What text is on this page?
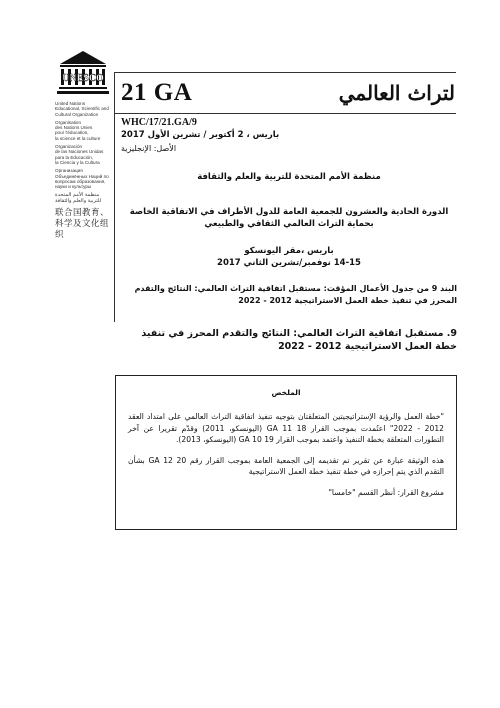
UNESCO
United Nations
Educational, Scientific and
Cultural Organization
Organisation
des Nations Unies
pour l'éducation,
la science et la culture
Organización
de las Naciones Unidas
para la Educación,
la Ciencia y la Cultura
Организация
Объединённых Наций по
вопросам образования,
науки и культуры
منظمة الأمم المتحدة
للتربية والعلم والثقافة
联合国教育、
科学及文化组织
21 GA	لتراث العالمي
WHC/17/21.GA/9
باريس ، 2 أكتوبر / تشرين الأول 2017
الأصل: الإنجليزية
منظمة الأمم المتحدة للتربية والعلم والثقافة
الدورة الحادية والعشرون للجمعية العامة للدول الأطراف في الاتفاقية الخاصة بحماية التراث العالمي الثقافي والطبيعي
باريس ،مقر اليونسكو
14-15 نوفمبر/تشرين الثاني 2017
البند 9 من جدول الأعمال المؤقت: مستقبل اتفاقية التراث العالمي: النتائج والتقدم المحرز في تنفيذ خطة العمل الاستراتيجية 2012 - 2022
9. مستقبل اتفاقية التراث العالمي: النتائج والتقدم المحرز في تنفيذ خطة العمل الاستراتيجية 2012 - 2022
الملخص

"خطة العمل والرؤية الإستراتيجيتين المتعلقتان بتوجيه تنفيذ اتفاقية التراث العالمي على امتداد العقد 2012 - 2022" اعتُمدت بموجب القرار 18 GA 11 (اليونسكو، 2011) وقدّم تقريرا عن آخر التطورات المتعلقة بخطة التنفيذ واعتمد بموجب القرار 19 GA 10 (اليونسكو، 2013).

هذه الوثيقة عبارة عن تقرير تم تقديمه إلى الجمعية العامة بموجب القرار رقم 20 GA 12 بشأن التقدم الذي يتم إحرازه في خطة تنفيذ خطة العمل الاستراتيجية

مشروع القرار: أنظر القسم "خامسا"
